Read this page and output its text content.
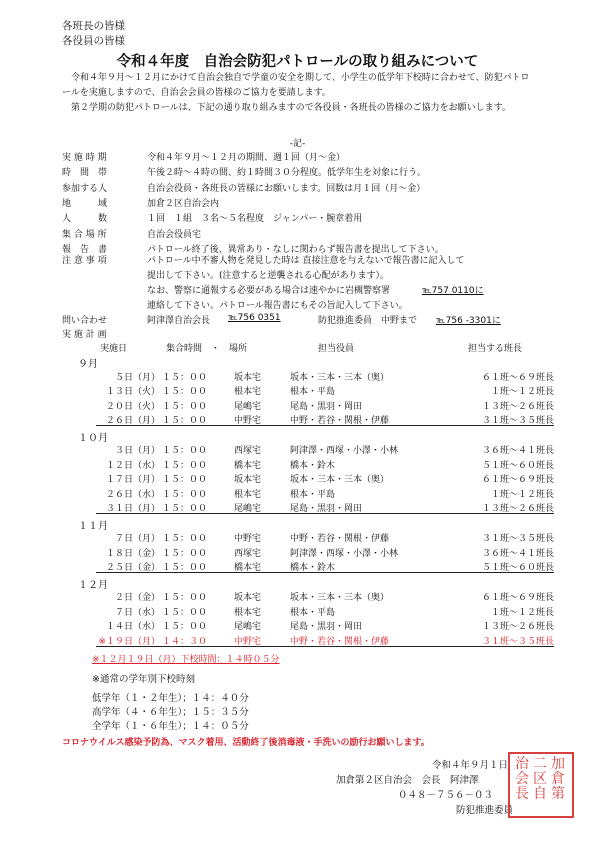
各班長の皆様
各役員の皆様
令和４年度　自治会防犯パトロールの取り組みについて
令和４年９月～１２月にかけて自治会独自で学童の安全を期して、小学生の低学年下校時に合わせて、防犯パトロールを実施しますので、自治会会員の皆様のご協力を要請します。
第２学期の防犯パトロールは、下記の通り取り組みますので各役員・各班長の皆様のご協力をお願いします。
-記-
実 施 時 期	令和４年９月～１２月の期間、週１回（月～金）
時　間　帯	午後２時～４時の間、約１時間３０分程度。低学年生を対象に行う。
参加する人	自治会役員・各班長の皆様にお願いします。回数は月１回（月～金）
地　　　域	加倉２区自治会内
人　　　数	１回　１組　３名～５名程度　ジャンパー・腕章着用
集 合 場 所	自治会役員宅
報　告　書	パトロール終了後、異常あり・なしに関わらず報告書を提出して下さい。
注 意 事 項	パトロール中不審人物を発見した時は 直接注意を与えないで報告書に記入して
提出して下さい。(注意すると逆襲される心配があります）。
なお、警察に通報する必要がある場合は速やかに岩槻警察署	℡757 0110に
連絡して下さい。パトロール報告書にもその旨記入して下さい。
問い合わせ	阿津澤自治会長 ℡756 0351	防犯推進委員　中野まで ℡756 -3301に
実 施 計 画
実施日	集合時間　・　場所	担当役員	担当する班長
９月
５日（月） １５：００	坂本宅	坂本・三本・三本（奥）	６１班～６９班長
１３日（火） １５：００	根本宅	根本・平島	１班～１２班長
２０日（火） １５：００	尾嶋宅	尾島・黒羽・岡田	１３班～２６班長
２６日（月） １５：００	中野宅	中野・若谷・関根・伊藤	３１班～３５班長
１０月
３日（月） １５：００	西塚宅	阿津澤・西塚・小澤・小林	３６班～４１班長
１２日（水） １５：００	橋本宅	橋本・鈴木	５１班～６０班長
１７日（月） １５：００	坂本宅	坂本・三本・三本（奥）	６１班～６９班長
２６日（水） １５：００	根本宅	根本・平島	１班～１２班長
３１日（月） １５：００	尾嶋宅	尾島・黒羽・岡田	１３班～２６班長
１１月
７日（月） １５：００	中野宅	中野・若谷・関根・伊藤	３１班～３５班長
１８日（金） １５：００	西塚宅	阿津澤・西塚・小澤・小林	３６班～４１班長
２５日（金） １５：００	橋本宅	橋本・鈴木	５１班～６０班長
１２月
２日（金） １５：００	坂本宅	坂本・三本・三本（奥）	６１班～６９班長
７日（水） １５：００	根本宅	根本・平島	１班～１２班長
１４日（水） １５：００	尾嶋宅	尾島・黒羽・岡田	１３班～２６班長
※１９日（月） １４：３０	中野宅	中野・若谷・関根・伊藤	３１班～３５班長
※１２月１９日（月）下校時間：１４時０５分
※通常の学年別下校時刻
低学年（１・２年生）；１４：４０分
高学年（４・６年生）；１５：３５分
全学年（１・６年生）；１４：０５分
コロナウイルス感染予防為、マスク着用、活動終了後消毒液・手洗いの励行お願いします。
令和４年９月１日
加倉第２区自治会　会長　阿津澤
０４８－７５６－０３
防犯推進委員
加
倉
第
二
区
自
治
会
長
